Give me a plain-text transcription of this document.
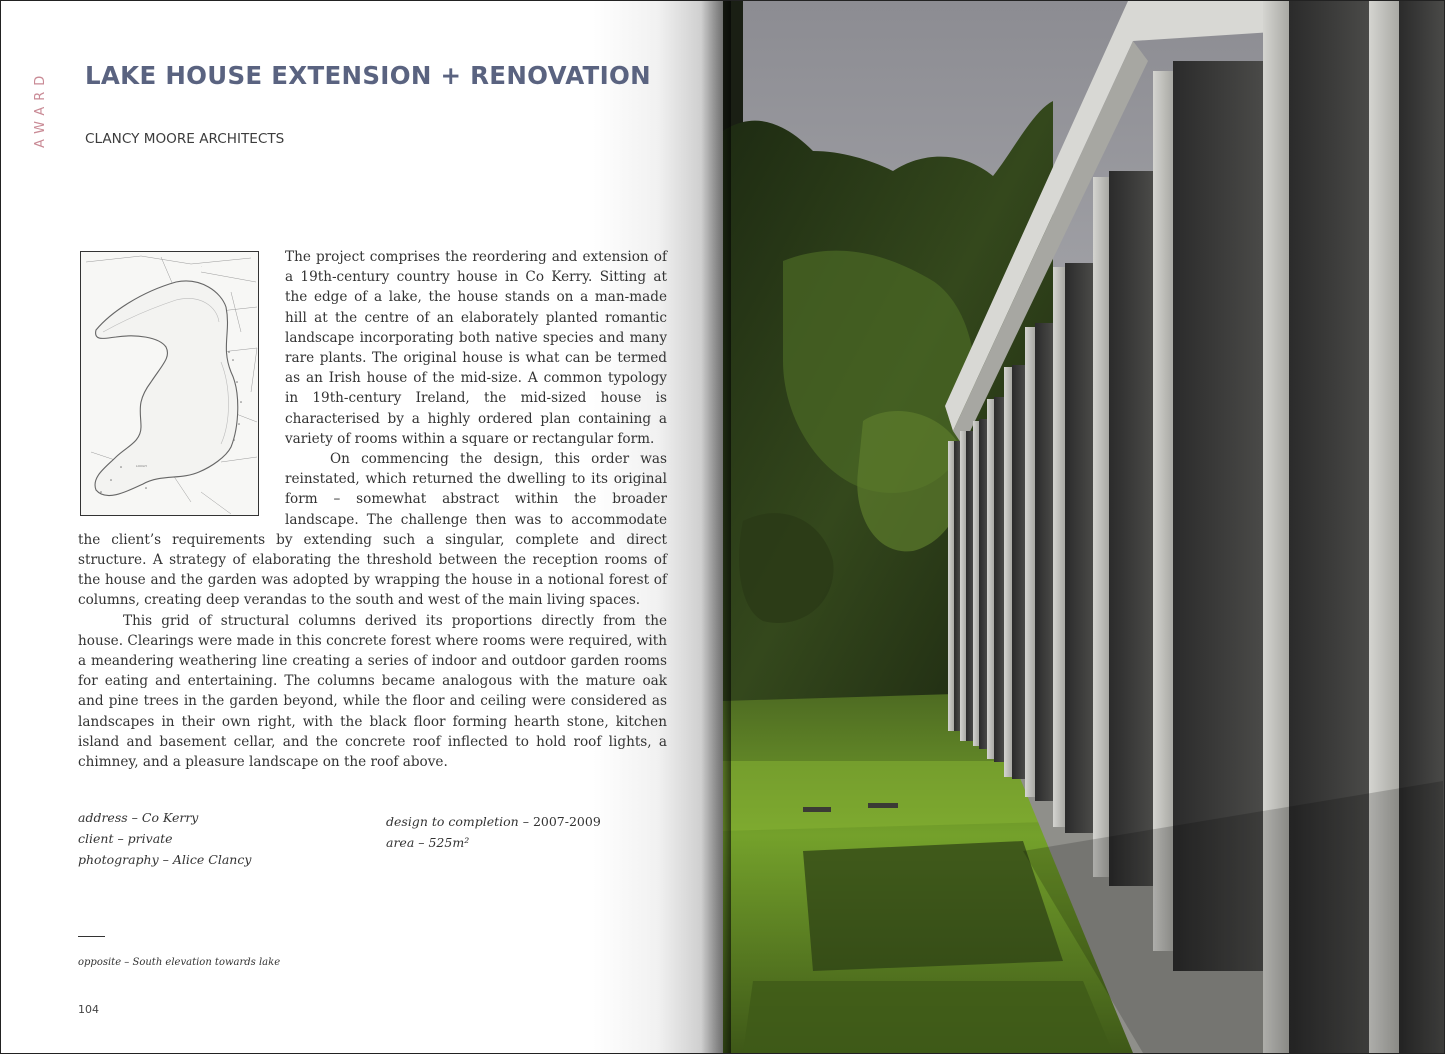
AWARD	LAKE HOUSE EXTENSION + RENOVATION
CLANCY MOORE ARCHITECTS
LOUGH
.

The project comprises the reordering and extension of a 19th-century country house in Co Kerry. Sitting at the edge of a lake, the house stands on a man-made hill at the centre of an elaborately planted romantic landscape incorporating both native species and many rare plants. The original house is what can be termed as an Irish house of the mid-size. A common typology in 19th-century Ireland, the mid-sized house is characterised by a highly ordered plan containing a variety of rooms within a square or rectangular form.

On commencing the design, this order was reinstated, which returned the dwelling to its original form – somewhat abstract within the broader landscape. The challenge then was to accommodate the client’s requirements by extending such a singular, complete and direct structure. A strategy of elaborating the threshold between the reception rooms of the house and the garden was adopted by wrapping the house in a notional forest of columns, creating deep verandas to the south and west of the main living spaces.

This grid of structural columns derived its proportions directly from the house. Clearings were made in this concrete forest where rooms were required, with a meandering weathering line creating a series of indoor and outdoor garden rooms for eating and entertaining. The columns became analogous with the mature oak and pine trees in the garden beyond, while the floor and ceiling were considered as landscapes in their own right, with the black floor forming hearth stone, kitchen island and basement cellar, and the concrete roof inflected to hold roof lights, a chimney, and a pleasure landscape on the roof above.

address – Co Kerry
client – private
photography – Alice Clancy
design to completion – 2007-2009
area – 525m²
opposite – South elevation towards lake
104
